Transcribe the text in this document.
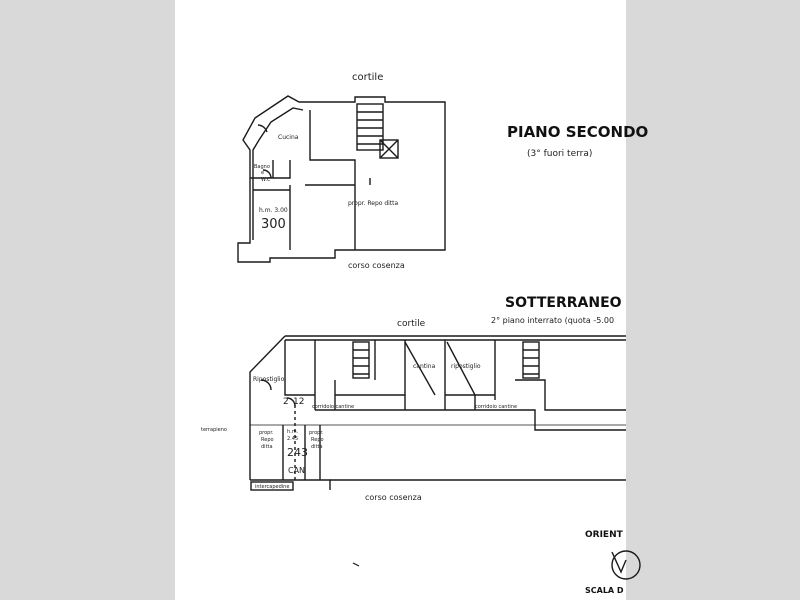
cortile
PIANO SECONDO
(3° fuori terra)
Cucina
Bagno
e
W.C
h.m. 3.00
300
propr. Repo ditta
corso cosenza
SOTTERRANEO
2° piano interrato (quota -5.00
cortile
Ripostiglio
cantina	ripostiglio
corridoio cantine	corridoio cantine
terrapieno	propr.
Repo
ditta
h.m.
2.45
243
CAN
propr.
Repo
ditta
intercapedine
corso cosenza
2 12
ORIENT
SCALA D
